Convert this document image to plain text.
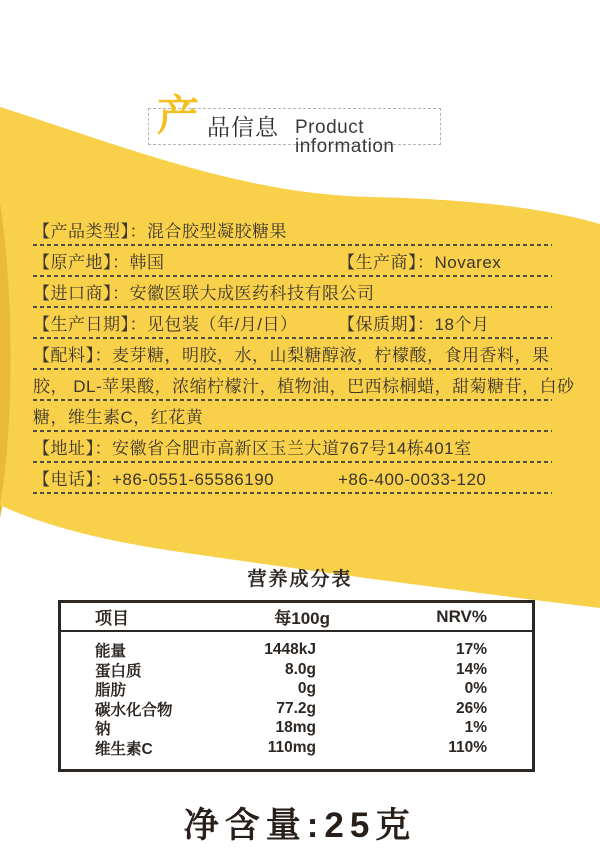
产 品信息 Product information
【产品类型】：混合胶型凝胶糖果
【原产地】：韩国	【生产商】：Novarex
【进口商】：安徽医联大成医药科技有限公司
【生产日期】：见包装（年/月/日） 【保质期】：18个月
【配料】：麦芽糖，明胶，水，山梨糖醇液，柠檬酸，食用香料，果
胶， DL-苹果酸，浓缩柠檬汁，植物油，巴西棕榈蜡，甜菊糖苷，白砂
糖，维生素C，红花黄
【地址】：安徽省合肥市高新区玉兰大道767号14栋401室
【电话】：+86-0551-65586190	+86-400-0033-120
营养成分表
项目	每100g	NRV%
能量	1448kJ	17%
蛋白质	8.0g	14%
脂肪	0g	0%
碳水化合物	77.2g	26%
钠	18mg	1%
维生素C	110mg	110%
净含量:25克
